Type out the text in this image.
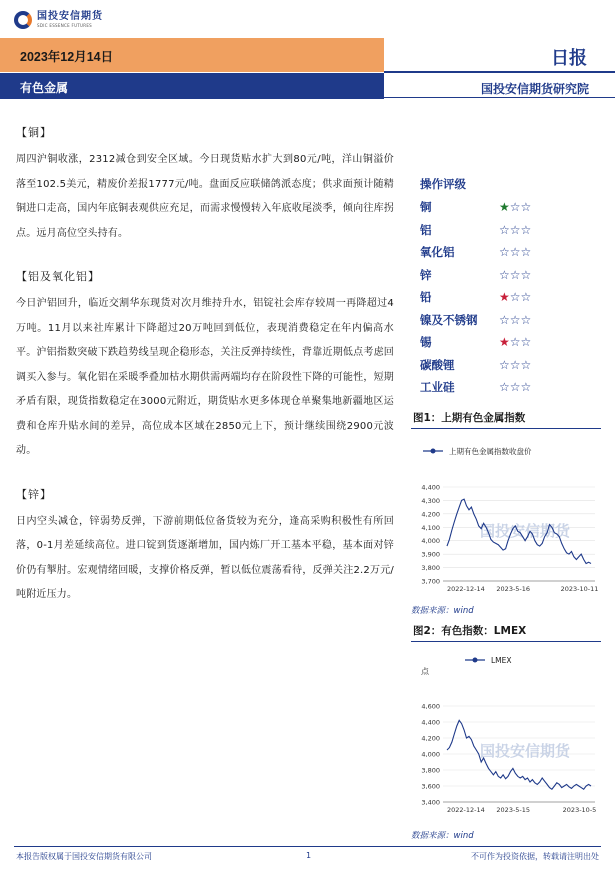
国投安信期货
SDIC ESSENCE FUTURES
2023年12月14日	日报
有色金属	国投安信期货研究院
【铜】

周四沪铜收涨，2312减仓到安全区域。今日现货贴水扩大到80元/吨，洋山铜溢价落至102.5美元，精废价差报1777元/吨。盘面反应联储鸽派态度；供求面预计随精铜进口走高，国内年底铜表观供应充足，而需求慢慢转入年底收尾淡季，倾向往库拐点。远月高位空头持有。

【铝及氧化铝】

今日沪铝回升，临近交割华东现货对次月维持升水，铝锭社会库存较周一再降超过4万吨。11月以来社库累计下降超过20万吨回到低位，表现消费稳定在年内偏高水平。沪铝指数突破下跌趋势线呈现企稳形态，关注反弹持续性，背靠近期低点考虑回调买入参与。氧化铝在采暖季叠加枯水期供需两端均存在阶段性下降的可能性，短期矛盾有限，现货指数稳定在3000元附近，期货贴水更多体现仓单聚集地新疆地区运费和仓库升贴水间的差异，高位成本区域在2850元上下，预计继续围绕2900元波动。

【锌】

日内空头减仓，锌弱势反弹，下游前期低位备货较为充分，逢高采购积极性有所回落，0-1月差延续高位。进口锭到货逐渐增加，国内炼厂开工基本平稳，基本面对锌价仍有掣肘。宏观情绪回暖，支撑价格反弹，暂以低位震荡看待，反弹关注2.2万元/吨附近压力。

操作评级
铜	★☆☆
铝	☆☆☆
氧化铝	☆☆☆
锌	☆☆☆
铅	★☆☆
镍及不锈钢	☆☆☆
锡	★☆☆
碳酸锂	☆☆☆
工业硅	☆☆☆
图1：上期有色金属指数
上期有色金属指数收盘价
3,700
3,800
3,900
4,000
4,100
4,200
4,300
4,400
国投安信期货
2022-12-14 2023-5-16	2023-10-11
数据来源：wind
图2：有色指数：LMEX
LMEX
点
3,400
3,600
3,800
4,000
4,200
4,400
4,600
国投安信期货
2022-12-14 2023-5-15	2023-10-5
数据来源：wind
本报告版权属于国投安信期货有限公司	1	不可作为投资依据，转载请注明出处
